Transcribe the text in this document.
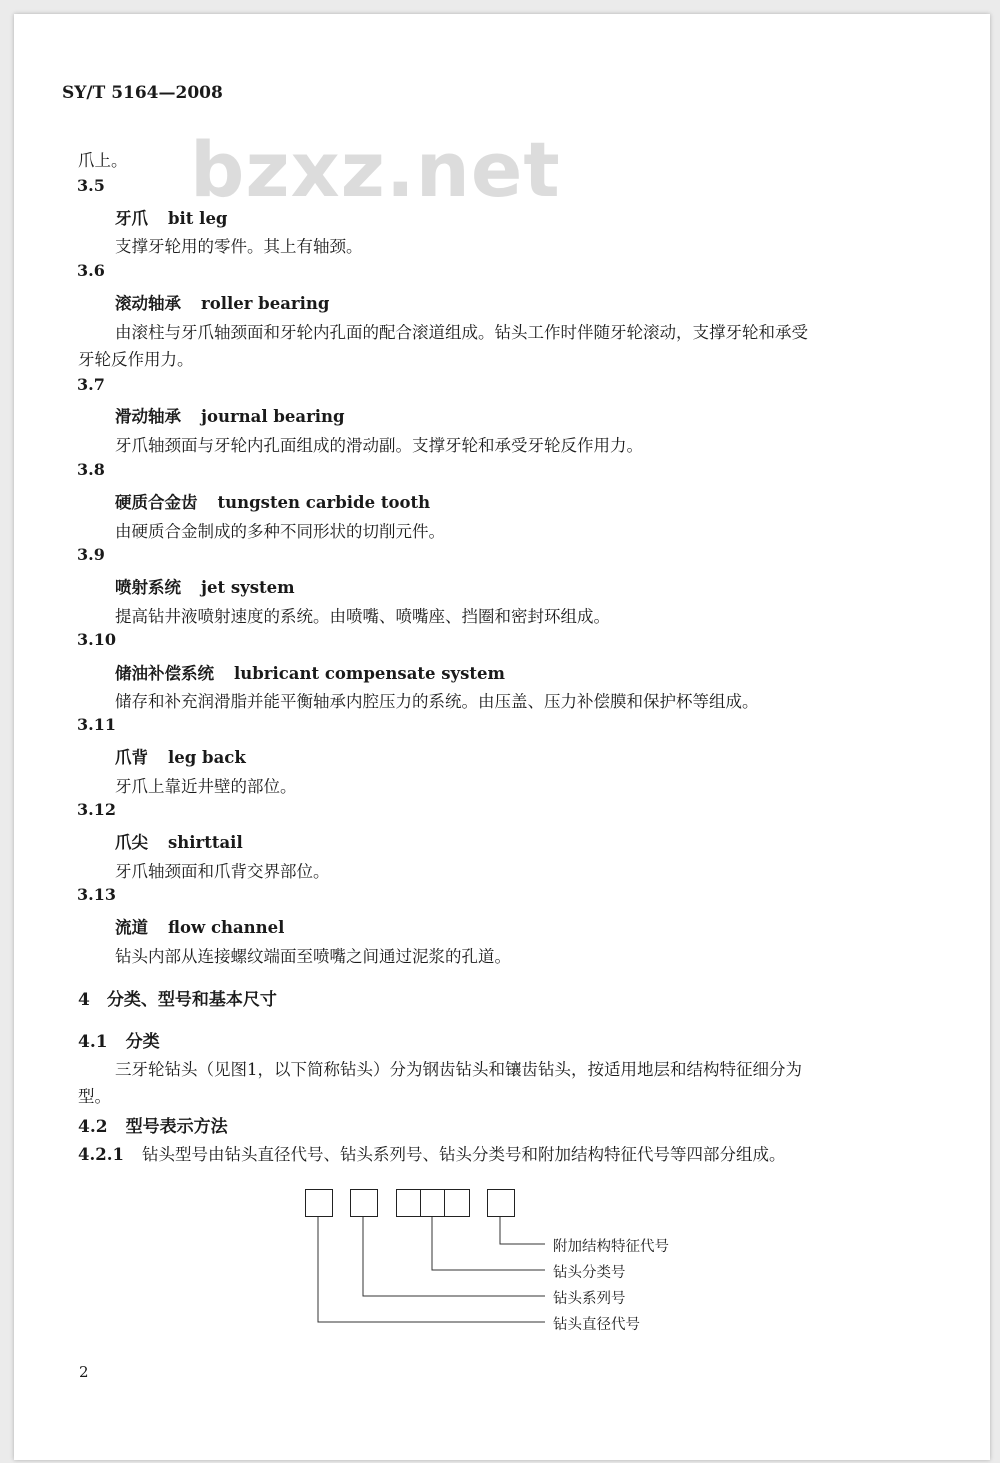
SY/T 5164—2008
bzxz.net
爪上。
3.5
牙爪 bit leg
支撑牙轮用的零件。其上有轴颈。
3.6
滚动轴承 roller bearing
由滚柱与牙爪轴颈面和牙轮内孔面的配合滚道组成。钻头工作时伴随牙轮滚动，支撑牙轮和承受
牙轮反作用力。
3.7
滑动轴承 journal bearing
牙爪轴颈面与牙轮内孔面组成的滑动副。支撑牙轮和承受牙轮反作用力。
3.8
硬质合金齿 tungsten carbide tooth
由硬质合金制成的多种不同形状的切削元件。
3.9
喷射系统 jet system
提高钻井液喷射速度的系统。由喷嘴、喷嘴座、挡圈和密封环组成。
3.10
储油补偿系统 lubricant compensate system
储存和补充润滑脂并能平衡轴承内腔压力的系统。由压盖、压力补偿膜和保护杯等组成。
3.11
爪背 leg back
牙爪上靠近井壁的部位。
3.12
爪尖 shirttail
牙爪轴颈面和爪背交界部位。
3.13
流道 flow channel
钻头内部从连接螺纹端面至喷嘴之间通过泥浆的孔道。
4　分类、型号和基本尺寸
4.1 分类
三牙轮钻头（见图1，以下简称钻头）分为钢齿钻头和镶齿钻头，按适用地层和结构特征细分为
型。
4.2 型号表示方法
4.2.1 钻头型号由钻头直径代号、钻头系列号、钻头分类号和附加结构特征代号等四部分组成。
附加结构特征代号
钻头分类号
钻头系列号
钻头直径代号
2
